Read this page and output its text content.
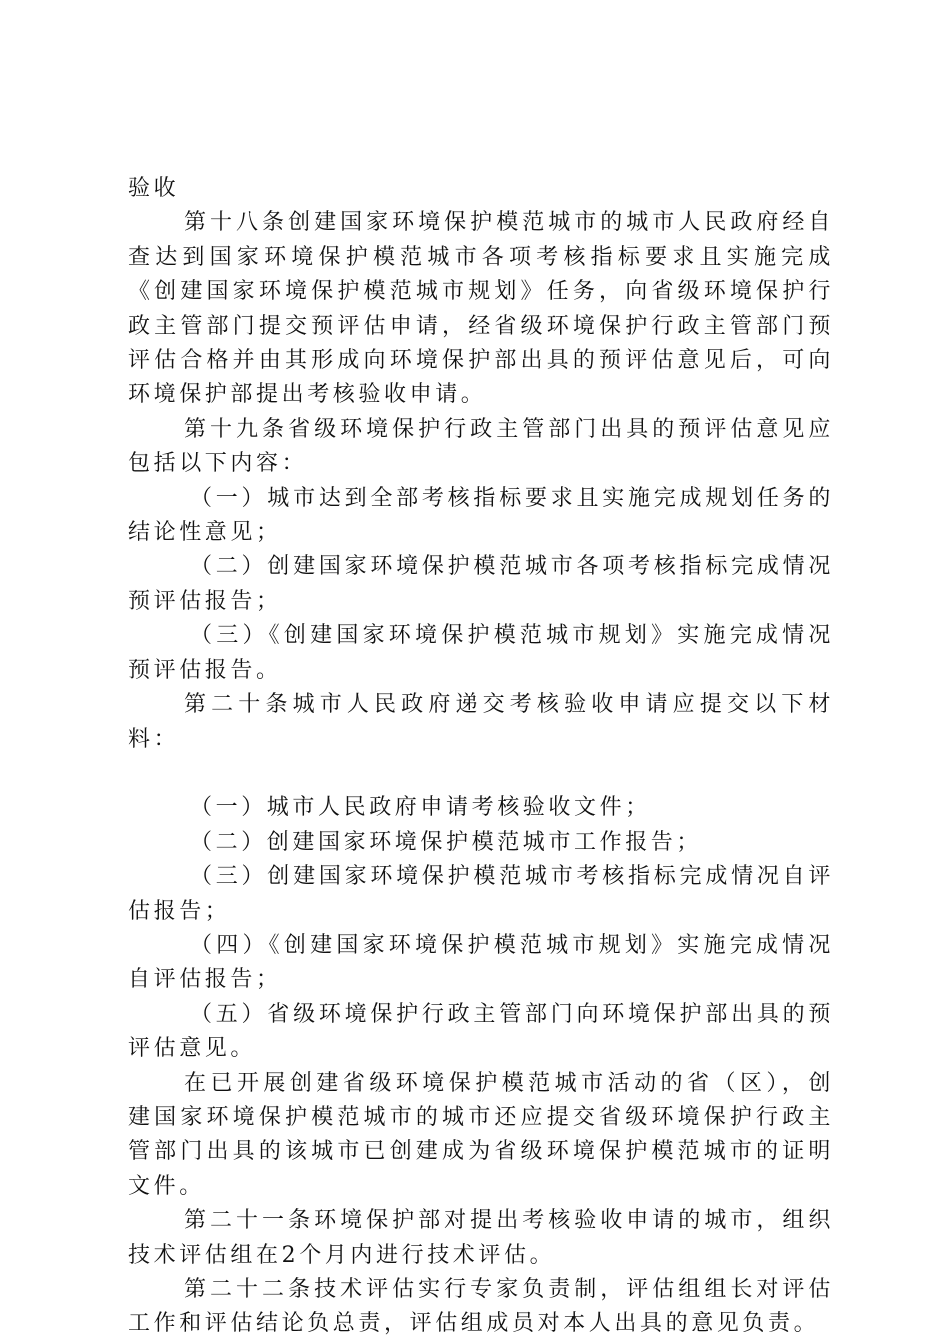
验收

第十八条创建国家环境保护模范城市的城市人民政府经自查达到国家环境保护模范城市各项考核指标要求且实施完成《创建国家环境保护模范城市规划》任务，向省级环境保护行政主管部门提交预评估申请，经省级环境保护行政主管部门预评估合格并由其形成向环境保护部出具的预评估意见后，可向环境保护部提出考核验收申请。

第十九条省级环境保护行政主管部门出具的预评估意见应包括以下内容：

（一）城市达到全部考核指标要求且实施完成规划任务的结论性意见；

（二）创建国家环境保护模范城市各项考核指标完成情况预评估报告；

（三）《创建国家环境保护模范城市规划》实施完成情况预评估报告。

第二十条城市人民政府递交考核验收申请应提交以下材料：

（一）城市人民政府申请考核验收文件；

（二）创建国家环境保护模范城市工作报告；

（三）创建国家环境保护模范城市考核指标完成情况自评估报告；

（四）《创建国家环境保护模范城市规划》实施完成情况自评估报告；

（五）省级环境保护行政主管部门向环境保护部出具的预评估意见。

在已开展创建省级环境保护模范城市活动的省（区），创建国家环境保护模范城市的城市还应提交省级环境保护行政主管部门出具的该城市已创建成为省级环境保护模范城市的证明文件。

第二十一条环境保护部对提出考核验收申请的城市，组织技术评估组在2个月内进行技术评估。

第二十二条技术评估实行专家负责制，评估组组长对评估工作和评估结论负总责，评估组成员对本人出具的意见负责。
